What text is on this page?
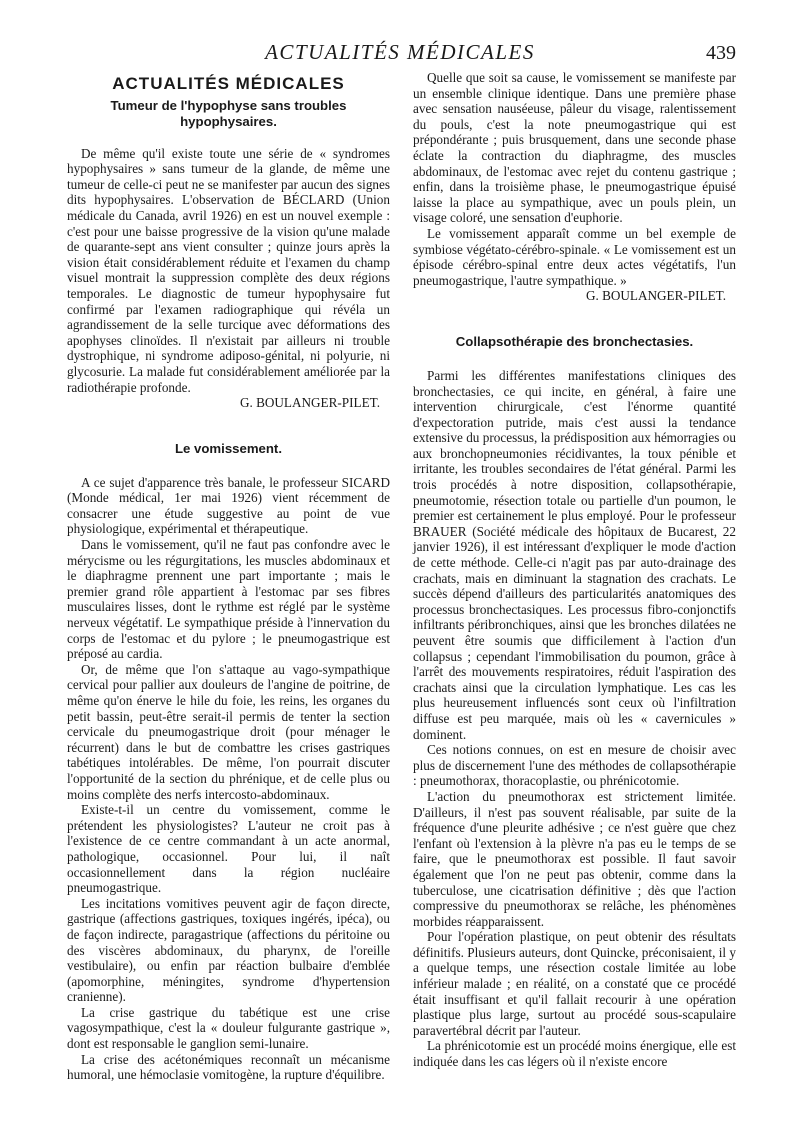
ACTUALITÉS MÉDICALES	439
ACTUALITÉS MÉDICALES
Tumeur de l'hypophyse sans troubles hypophysaires.

De même qu'il existe toute une série de « syndromes hypophysaires » sans tumeur de la glande, de même une tumeur de celle-ci peut ne se manifester par aucun des signes dits hypophysaires. L'observation de BÉCLARD (Union médicale du Canada, avril 1926) en est un nouvel exemple : c'est pour une baisse progressive de la vision qu'une malade de quarante-sept ans vient consulter ; quinze jours après la vision était considérablement réduite et l'examen du champ visuel montrait la suppression complète des deux régions temporales. Le diagnostic de tumeur hypophysaire fut confirmé par l'examen radiographique qui révéla un agrandissement de la selle turcique avec déformations des apophyses clinoïdes. Il n'existait par ailleurs ni trouble dystrophique, ni syndrome adiposo-génital, ni polyurie, ni glycosurie. La malade fut considérablement améliorée par la radiothérapie profonde.

G. BOULANGER-PILET.

Le vomissement.

A ce sujet d'apparence très banale, le professeur SICARD (Monde médical, 1er mai 1926) vient récemment de consacrer une étude suggestive au point de vue physiologique, expérimental et thérapeutique.

Dans le vomissement, qu'il ne faut pas confondre avec le mérycisme ou les régurgitations, les muscles abdominaux et le diaphragme prennent une part importante ; mais le premier grand rôle appartient à l'estomac par ses fibres musculaires lisses, dont le rythme est réglé par le système nerveux végétatif. Le sympathique préside à l'innervation du corps de l'estomac et du pylore ; le pneumogastrique est préposé au cardia.

Or, de même que l'on s'attaque au vago-sympathique cervical pour pallier aux douleurs de l'angine de poitrine, de même qu'on énerve le hile du foie, les reins, les organes du petit bassin, peut-être serait-il permis de tenter la section cervicale du pneumogastrique droit (pour ménager le récurrent) dans le but de combattre les crises gastriques tabétiques intolérables. De même, l'on pourrait discuter l'opportunité de la section du phrénique, et de celle plus ou moins complète des nerfs intercosto-abdominaux.

Existe-t-il un centre du vomissement, comme le prétendent les physiologistes? L'auteur ne croit pas à l'existence de ce centre commandant à un acte anormal, pathologique, occasionnel. Pour lui, il naît occasionnellement dans la région nucléaire pneumogastrique.

Les incitations vomitives peuvent agir de façon directe, gastrique (affections gastriques, toxiques ingérés, ipéca), ou de façon indirecte, paragastrique (affections du péritoine ou des viscères abdominaux, du pharynx, de l'oreille vestibulaire), ou enfin par réaction bulbaire d'emblée (apomorphine, méningites, syndrome d'hypertension cranienne).

La crise gastrique du tabétique est une crise vagosympathique, c'est la « douleur fulgurante gastrique », dont est responsable le ganglion semi-lunaire.

La crise des acétonémiques reconnaît un mécanisme humoral, une hémoclasie vomitogène, la rupture d'équilibre.

Quelle que soit sa cause, le vomissement se manifeste par un ensemble clinique identique. Dans une première phase avec sensation nauséeuse, pâleur du visage, ralentissement du pouls, c'est la note pneumogastrique qui est prépondérante ; puis brusquement, dans une seconde phase éclate la contraction du diaphragme, des muscles abdominaux, de l'estomac avec rejet du contenu gastrique ; enfin, dans la troisième phase, le pneumogastrique épuisé laisse la place au sympathique, avec un pouls plein, un visage coloré, une sensation d'euphorie.

Le vomissement apparaît comme un bel exemple de symbiose végétato-cérébro-spinale. « Le vomissement est un épisode cérébro-spinal entre deux actes végétatifs, l'un pneumogastrique, l'autre sympathique. »

G. BOULANGER-PILET.

Collapsothérapie des bronchectasies.

Parmi les différentes manifestations cliniques des bronchectasies, ce qui incite, en général, à faire une intervention chirurgicale, c'est l'énorme quantité d'expectoration putride, mais c'est aussi la tendance extensive du processus, la prédisposition aux hémorragies ou aux bronchopneumonies récidivantes, la toux pénible et irritante, les troubles secondaires de l'état général. Parmi les trois procédés à notre disposition, collapsothérapie, pneumotomie, résection totale ou partielle d'un poumon, le premier est certainement le plus employé. Pour le professeur BRAUER (Société médicale des hôpitaux de Bucarest, 22 janvier 1926), il est intéressant d'expliquer le mode d'action de cette méthode. Celle-ci n'agit pas par auto-drainage des crachats, mais en diminuant la stagnation des crachats. Le succès dépend d'ailleurs des particularités anatomiques des processus bronchectasiques. Les processus fibro-conjonctifs infiltrants péribronchiques, ainsi que les bronches dilatées ne peuvent être soumis que difficilement à l'action d'un collapsus ; cependant l'immobilisation du poumon, grâce à l'arrêt des mouvements respiratoires, réduit l'aspiration des crachats ainsi que la circulation lymphatique. Les cas les plus heureusement influencés sont ceux où l'infiltration diffuse est peu marquée, mais où les « cavernicules » dominent.

Ces notions connues, on est en mesure de choisir avec plus de discernement l'une des méthodes de collapsothérapie : pneumothorax, thoracoplastie, ou phrénicotomie.

L'action du pneumothorax est strictement limitée. D'ailleurs, il n'est pas souvent réalisable, par suite de la fréquence d'une pleurite adhésive ; ce n'est guère que chez l'enfant où l'extension à la plèvre n'a pas eu le temps de se faire, que le pneumothorax est possible. Il faut savoir également que l'on ne peut pas obtenir, comme dans la tuberculose, une cicatrisation définitive ; dès que l'action compressive du pneumothorax se relâche, les phénomènes morbides réapparaissent.

Pour l'opération plastique, on peut obtenir des résultats définitifs. Plusieurs auteurs, dont Quincke, préconisaient, il y a quelque temps, une résection costale limitée au lobe inférieur malade ; en réalité, on a constaté que ce procédé était insuffisant et qu'il fallait recourir à une opération plastique plus large, surtout au procédé sous-scapulaire paravertébral décrit par l'auteur.

La phrénicotomie est un procédé moins énergique, elle est indiquée dans les cas légers où il n'existe encore
